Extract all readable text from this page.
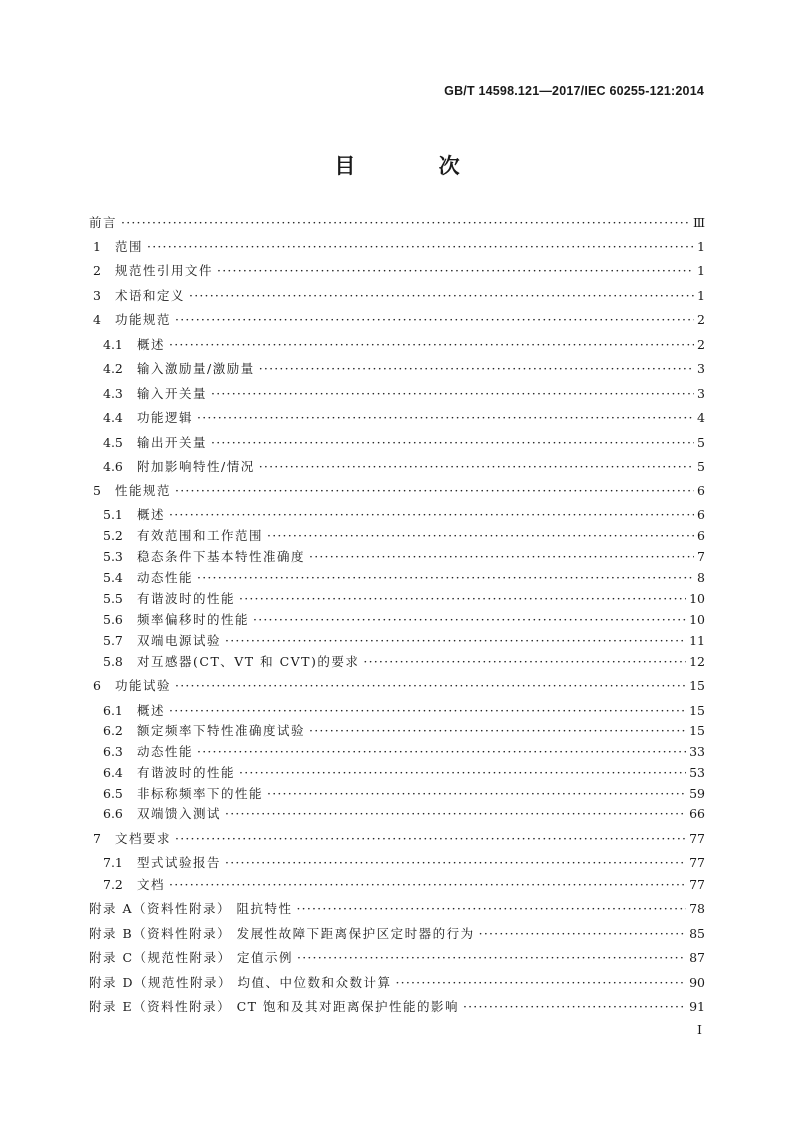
GB/T 14598.121—2017/IEC 60255-121:2014
目 次
前言 ·····	Ⅲ
1	范围 ·····	1
2	规范性引用文件 ·····	1
3	术语和定义 ·····	1
4	功能规范 ·····	2
4.1	概述 ·····	2
4.2	输入激励量/激励量 ·····	3
4.3	输入开关量 ·····	3
4.4	功能逻辑 ·····	4
4.5	输出开关量 ·····	5
4.6	附加影响特性/情况 ·····	5
5	性能规范 ·····	6
5.1	概述 ·····	6
5.2	有效范围和工作范围 ·····	6
5.3	稳态条件下基本特性准确度 ·····	7
5.4	动态性能 ·····	8
5.5	有谐波时的性能 ·····	10
5.6	频率偏移时的性能 ·····	10
5.7	双端电源试验 ·····	11
5.8	对互感器(CT、VT 和 CVT)的要求 ·····	12
6	功能试验 ·····	15
6.1	概述 ·····	15
6.2	额定频率下特性准确度试验 ·····	15
6.3	动态性能 ·····	33
6.4	有谐波时的性能 ·····	53
6.5	非标称频率下的性能 ·····	59
6.6	双端馈入测试 ·····	66
7	文档要求 ·····	77
7.1	型式试验报告 ·····	77
7.2	文档 ·····	77
附录 A（资料性附录） 阻抗特性 ·····	78
附录 B（资料性附录） 发展性故障下距离保护区定时器的行为 ·····	85
附录 C（规范性附录） 定值示例 ·····	87
附录 D（规范性附录） 均值、中位数和众数计算 ·····	90
附录 E（资料性附录） CT 饱和及其对距离保护性能的影响 ·····	91
I
